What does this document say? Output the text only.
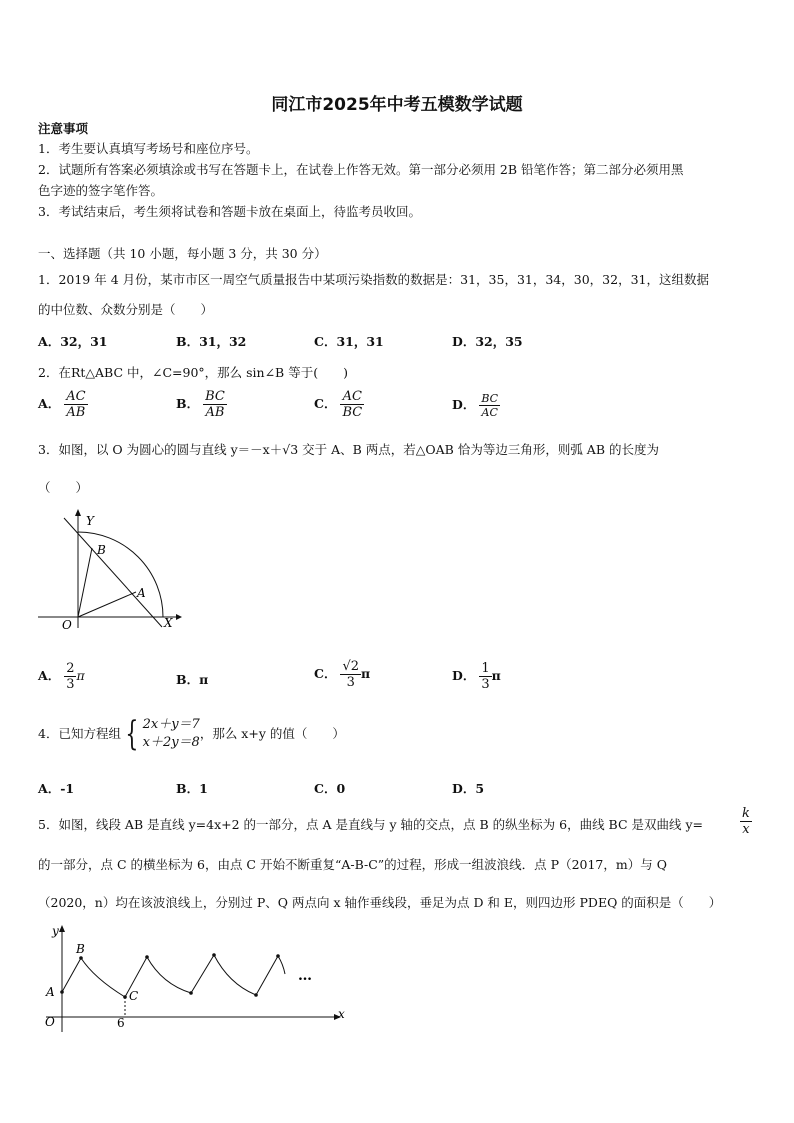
同江市2025年中考五模数学试题
注意事项
1．考生要认真填写考场号和座位序号。
2．试题所有答案必须填涂或书写在答题卡上，在试卷上作答无效。第一部分必须用 2B 铅笔作答；第二部分必须用黑
色字迹的签字笔作答。
3．考试结束后，考生须将试卷和答题卡放在桌面上，待监考员收回。
一、选择题（共 10 小题，每小题 3 分，共 30 分）
1．2019 年 4 月份，某市市区一周空气质量报告中某项污染指数的数据是：31，35，31，34，30，32，31，这组数据
的中位数、众数分别是（　　）
A．32，31	B．31，32	C．31，31	D．32，35
2．在Rt△ABC 中，∠C=90°，那么 sin∠B 等于(　　)
A． $\frac{AC}{AB}$	B． $\frac{BC}{AB}$	C． $\frac{AC}{BC}$	D． $\frac{BC}{AC}$
3．如图，以 O 为圆心的圆与直线 y＝－x＋√3 交于 A、B 两点，若△OAB 恰为等边三角形，则弧 AB 的长度为
（　　）
Y
X
O
A
B
A． $\frac{2}{3}$ π	B．π	C． $\frac{√2}{3}$ π	D． $\frac{1}{3}$ π
4．已知方程组 { 2x＋y＝7
x＋2y＝8
，那么 x+y 的值（　　）
A．-1	B．1	C．0	D．5
5．如图，线段 AB 是直线 y=4x+2 的一部分，点 A 是直线与 y 轴的交点，点 B 的纵坐标为 6，曲线 BC 是双曲线 y=	$\frac{k}{x}$
的一部分，点 C 的横坐标为 6，由点 C 开始不断重复“A-B-C”的过程，形成一组波浪线．点 P（2017，m）与 Q
（2020，n）均在该波浪线上，分别过 P、Q 两点向 x 轴作垂线段，垂足为点 D 和 E，则四边形 PDEQ 的面积是（　　）
y
x
O
A
B
C
6
…
